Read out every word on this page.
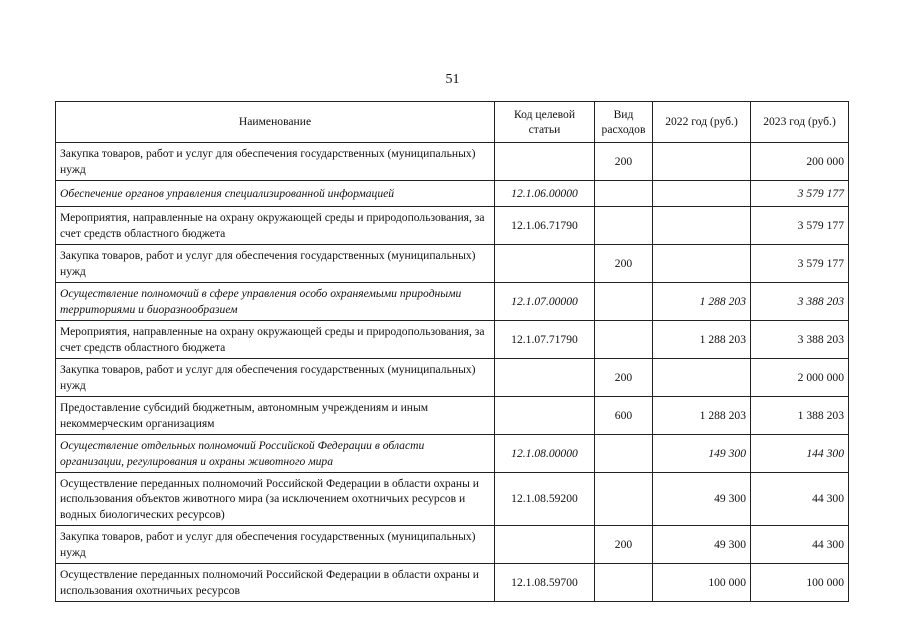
51
Наименование	Код целевой статьи	Вид расходов	2022 год (руб.)	2023 год (руб.)
Закупка товаров, работ и услуг для обеспечения государственных (муниципальных) нужд		200		200 000
Обеспечение органов управления специализированной информацией	12.1.06.00000			3 579 177
Мероприятия, направленные на охрану окружающей среды и природопользования, за счет средств областного бюджета	12.1.06.71790			3 579 177
Закупка товаров, работ и услуг для обеспечения государственных (муниципальных) нужд		200		3 579 177
Осуществление полномочий в сфере управления особо охраняемыми природными территориями и биоразнообразием	12.1.07.00000		1 288 203	3 388 203
Мероприятия, направленные на охрану окружающей среды и природопользования, за счет средств областного бюджета	12.1.07.71790		1 288 203	3 388 203
Закупка товаров, работ и услуг для обеспечения государственных (муниципальных) нужд		200		2 000 000
Предоставление субсидий бюджетным, автономным учреждениям и иным некоммерческим организациям		600	1 288 203	1 388 203
Осуществление отдельных полномочий Российской Федерации в области организации, регулирования и охраны животного мира	12.1.08.00000		149 300	144 300
Осуществление переданных полномочий Российской Федерации в области охраны и использования объектов животного мира (за исключением охотничьих ресурсов и водных биологических ресурсов)	12.1.08.59200		49 300	44 300
Закупка товаров, работ и услуг для обеспечения государственных (муниципальных) нужд		200	49 300	44 300
Осуществление переданных полномочий Российской Федерации в области охраны и использования охотничьих ресурсов	12.1.08.59700		100 000	100 000
